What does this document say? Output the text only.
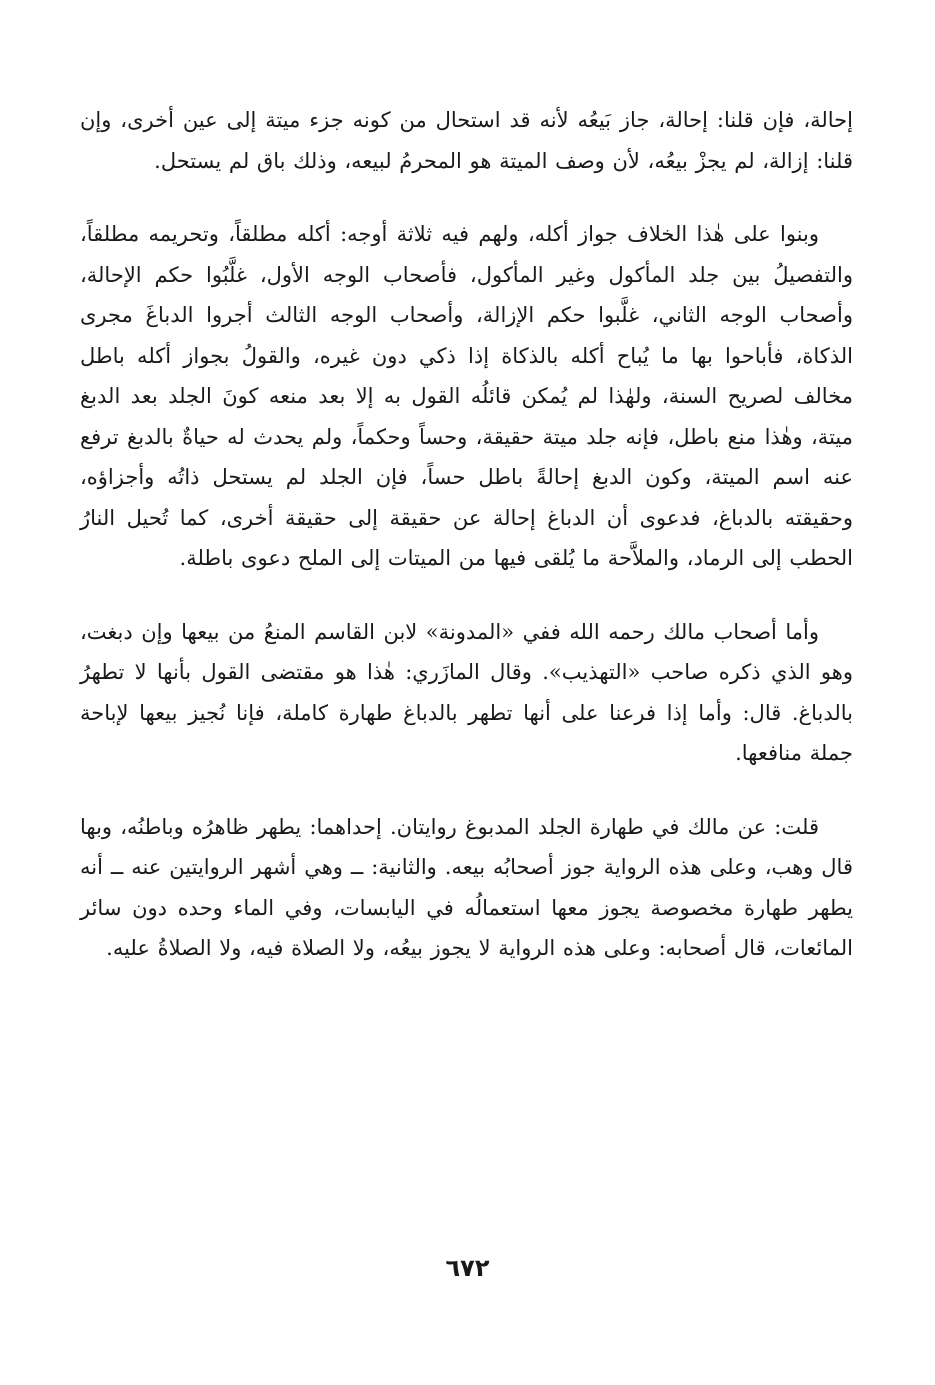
إحالة، فإن قلنا: إحالة، جاز بَيعُه لأنه قد استحال من كونه جزء ميتة إلى عين أخرى، وإن قلنا: إزالة، لم يجزْ بيعُه، لأن وصف الميتة هو المحرمُ لبيعه، وذلك باق لم يستحل.

وبنوا على هٰذا الخلاف جواز أكله، ولهم فيه ثلاثة أوجه: أكله مطلقاً، وتحريمه مطلقاً، والتفصيلُ بين جلد المأكول وغير المأكول، فأصحاب الوجه الأول، غلَّبُوا حكم الإحالة، وأصحاب الوجه الثاني، غلَّبوا حكم الإزالة، وأصحاب الوجه الثالث أجروا الدباغَ مجرى الذكاة، فأباحوا بها ما يُباح أكله بالذكاة إذا ذكي دون غيره، والقولُ بجواز أكله باطل مخالف لصريح السنة، ولهٰذا لم يُمكن قائلُه القول به إلا بعد منعه كونَ الجلد بعد الدبغ ميتة، وهٰذا منع باطل، فإنه جلد ميتة حقيقة، وحساً وحكماً، ولم يحدث له حياةٌ بالدبغ ترفع عنه اسم الميتة، وكون الدبغ إحالةً باطل حساً، فإن الجلد لم يستحل ذاتُه وأجزاؤه، وحقيقته بالدباغ، فدعوى أن الدباغ إحالة عن حقيقة إلى حقيقة أخرى، كما تُحيل النارُ الحطب إلى الرماد، والملاَّحة ما يُلقى فيها من الميتات إلى الملح دعوى باطلة.

وأما أصحاب مالك رحمه الله ففي «المدونة» لابن القاسم المنعُ من بيعها وإن دبغت، وهو الذي ذكره صاحب «التهذيب». وقال المازَري: هٰذا هو مقتضى القول بأنها لا تطهرُ بالدباغ. قال: وأما إذا فرعنا على أنها تطهر بالدباغ طهارة كاملة، فإنا نُجيز بيعها لإباحة جملة منافعها.

قلت: عن مالك في طهارة الجلد المدبوغ روايتان. إحداهما: يطهر ظاهرُه وباطنُه، وبها قال وهب، وعلى هذه الرواية جوز أصحابُه بيعه. والثانية: ــ وهي أشهر الروايتين عنه ــ أنه يطهر طهارة مخصوصة يجوز معها استعمالُه في اليابسات، وفي الماء وحده دون سائر المائعات، قال أصحابه: وعلى هذه الرواية لا يجوز بيعُه، ولا الصلاة فيه، ولا الصلاةُ عليه.

٦٧٢
